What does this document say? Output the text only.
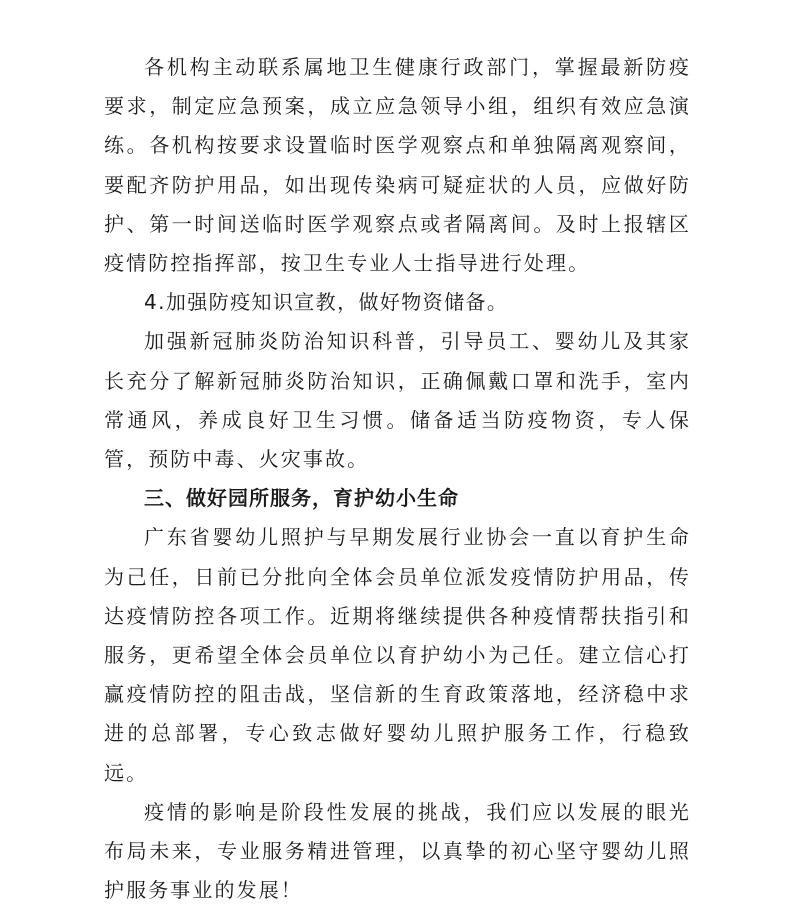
各机构主动联系属地卫生健康行政部门，掌握最新防疫要求，制定应急预案，成立应急领导小组，组织有效应急演练。各机构按要求设置临时医学观察点和单独隔离观察间，要配齐防护用品，如出现传染病可疑症状的人员，应做好防护、第一时间送临时医学观察点或者隔离间。及时上报辖区疫情防控指挥部，按卫生专业人士指导进行处理。

4.加强防疫知识宣教，做好物资储备。

加强新冠肺炎防治知识科普，引导员工、婴幼儿及其家长充分了解新冠肺炎防治知识，正确佩戴口罩和洗手，室内常通风，养成良好卫生习惯。储备适当防疫物资，专人保管，预防中毒、火灾事故。

三、做好园所服务，育护幼小生命

广东省婴幼儿照护与早期发展行业协会一直以育护生命为己任，日前已分批向全体会员单位派发疫情防护用品，传达疫情防控各项工作。近期将继续提供各种疫情帮扶指引和服务，更希望全体会员单位以育护幼小为己任。建立信心打赢疫情防控的阻击战，坚信新的生育政策落地，经济稳中求进的总部署，专心致志做好婴幼儿照护服务工作，行稳致远。

疫情的影响是阶段性发展的挑战，我们应以发展的眼光布局未来，专业服务精进管理，以真挚的初心坚守婴幼儿照护服务事业的发展！
